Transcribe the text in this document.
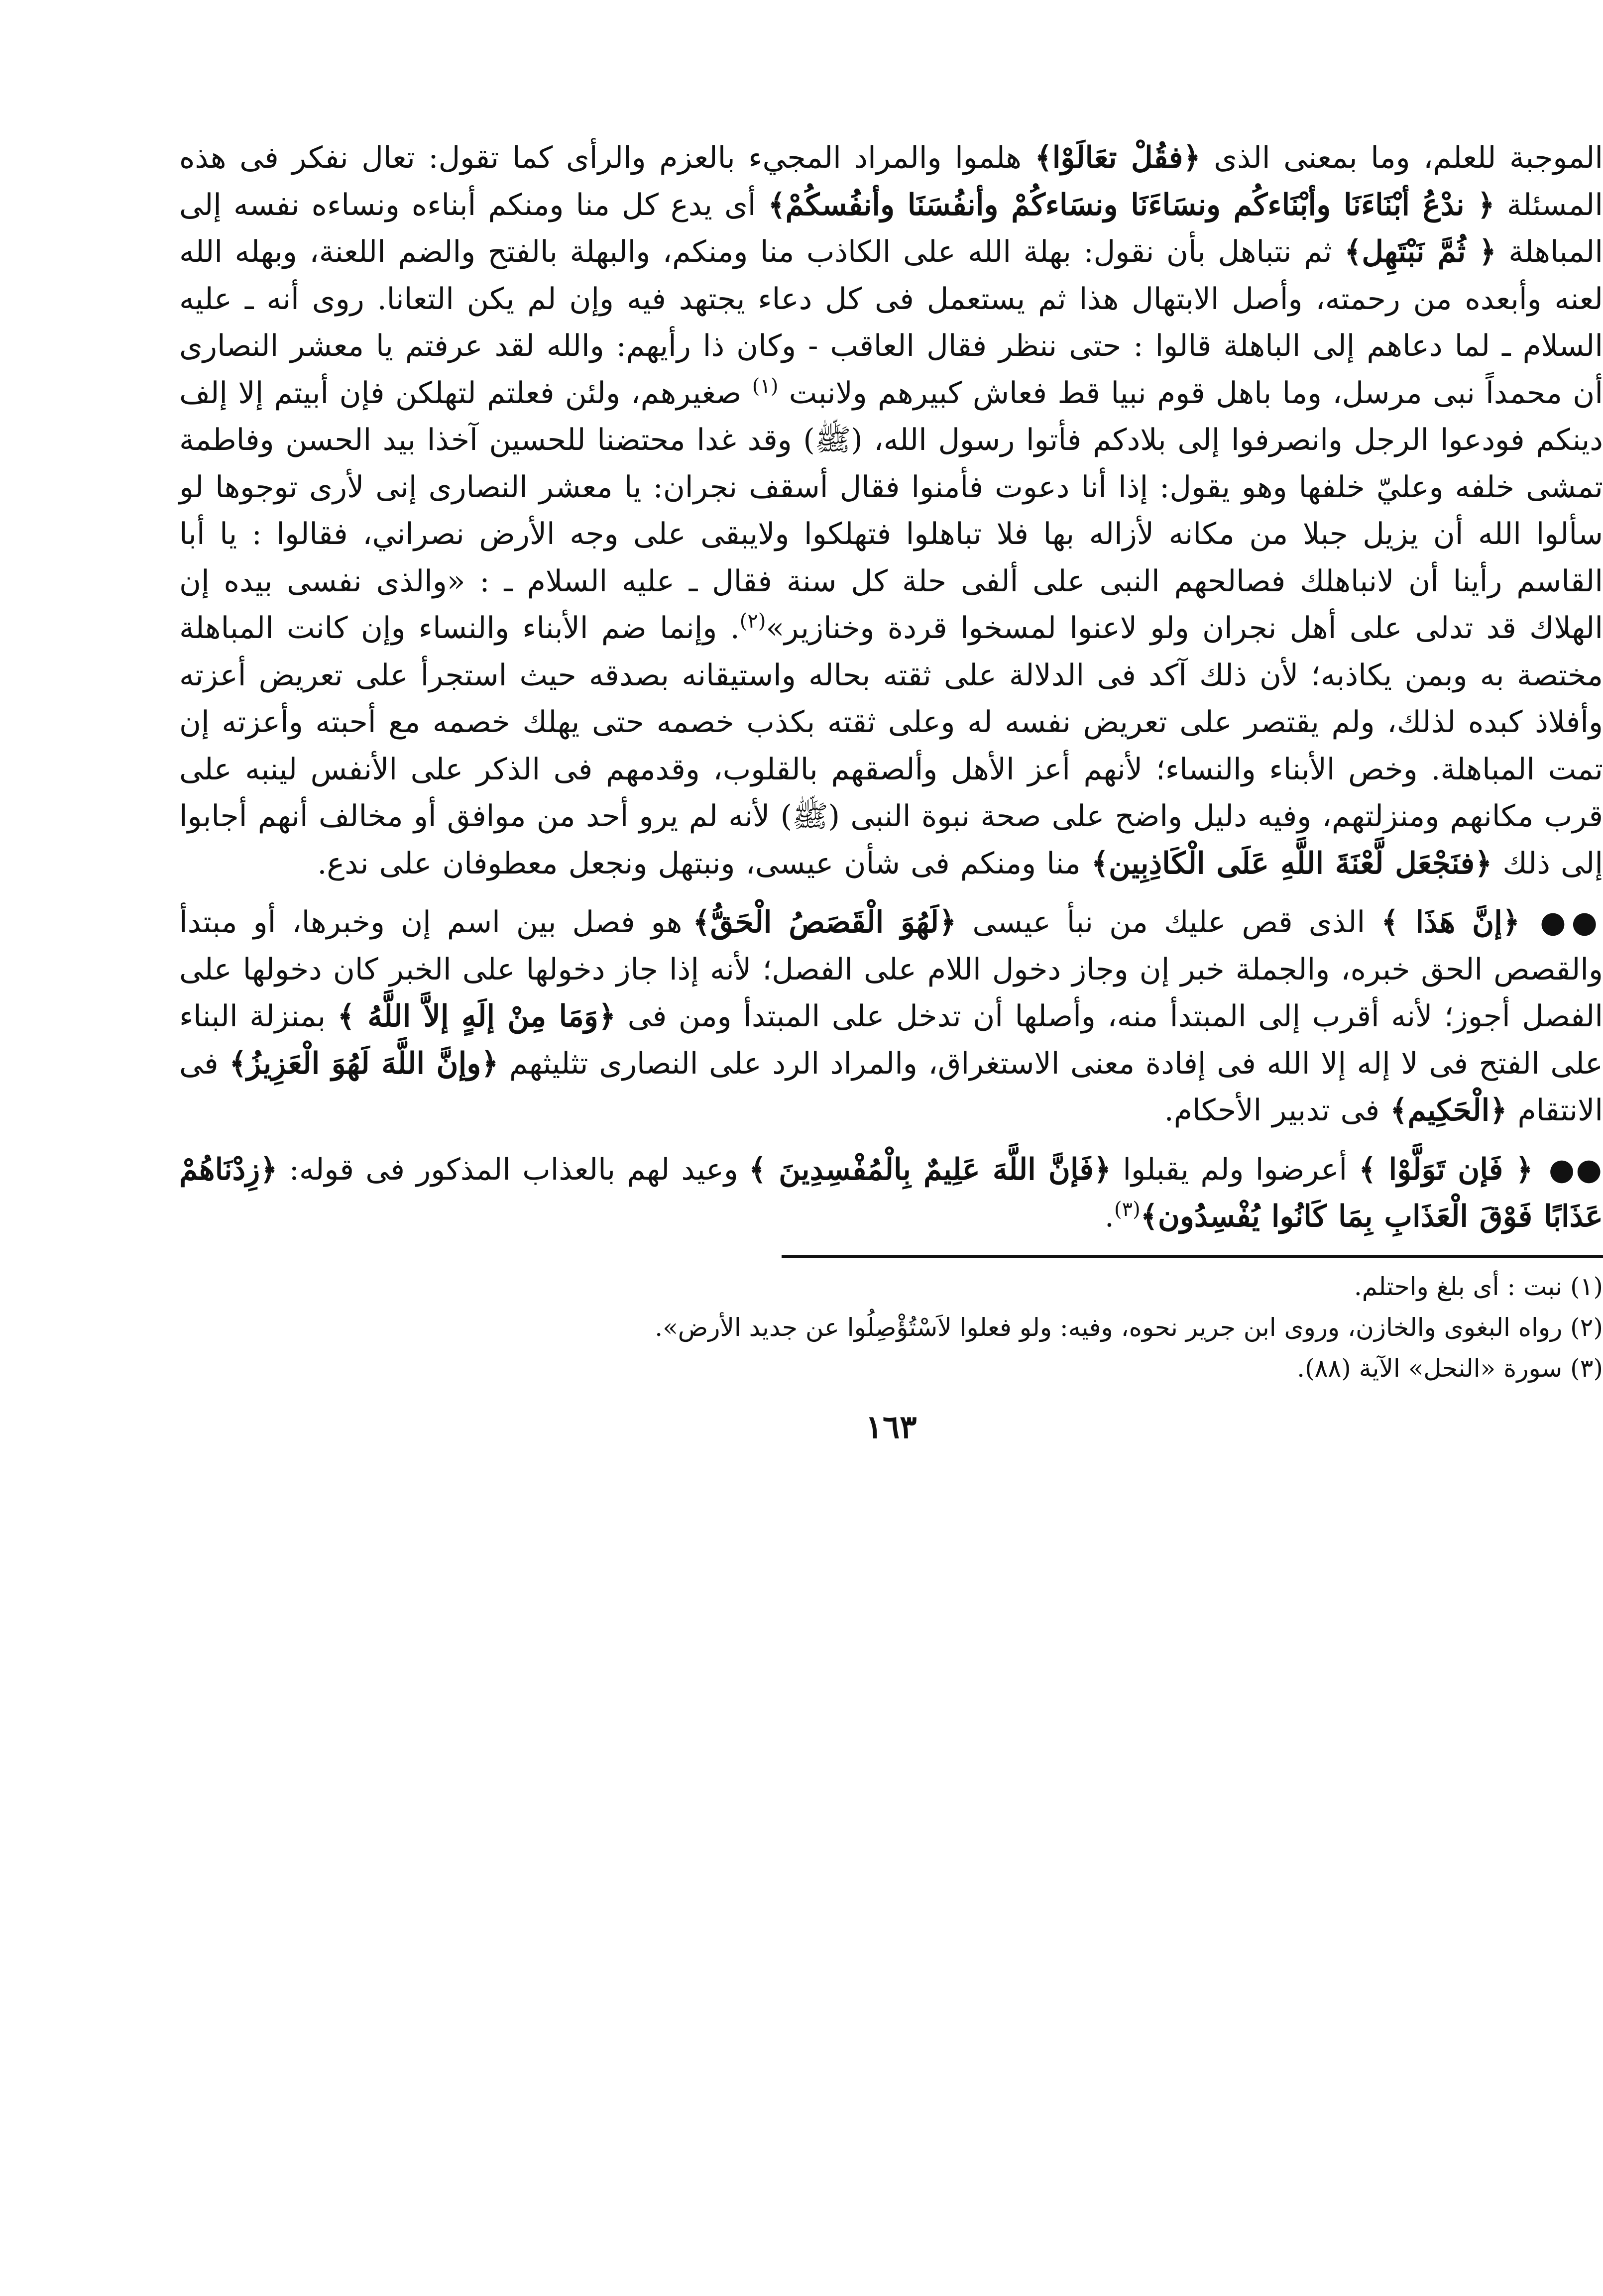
الموجبة للعلم، وما بمعنى الذى ﴿فقُلْ تعَالَوْا﴾ هلموا والمراد المجيء بالعزم والرأى كما تقول: تعال نفكر فى هذه المسئلة ﴿ ندْعُ أبْنَاءَنَا وأبْنَاءكُم ونسَاءَنَا ونسَاءكُمْ وأنفُسَنَا وأنفُسكُمْ﴾ أى يدع كل منا ومنكم أبناءه ونساءه نفسه إلى المباهلة ﴿ ثُمَّ نَبْتَهِل﴾ ثم نتباهل بأن نقول: بهلة الله على الكاذب منا ومنكم، والبهلة بالفتح والضم اللعنة، وبهله الله لعنه وأبعده من رحمته، وأصل الابتهال هذا ثم يستعمل فى كل دعاء يجتهد فيه وإن لم يكن التعانا. روى أنه ـ عليه السلام ـ لما دعاهم إلى الباهلة قالوا : حتى ننظر فقال العاقب - وكان ذا رأيهم: والله لقد عرفتم يا معشر النصارى أن محمداً نبى مرسل، وما باهل قوم نبيا قط فعاش كبيرهم ولانبت $^{(١)}$ صغيرهم، ولئن فعلتم لتهلكن فإن أبيتم إلا إلف دينكم فودعوا الرجل وانصرفوا إلى بلادكم فأتوا رسول الله، (ﷺ) وقد غدا محتضنا للحسين آخذا بيد الحسن وفاطمة تمشى خلفه وعليّ خلفها وهو يقول: إذا أنا دعوت فأمنوا فقال أسقف نجران: يا معشر النصارى إنى لأرى توجوها لو سألوا الله أن يزيل جبلا من مكانه لأزاله بها فلا تباهلوا فتهلكوا ولايبقى على وجه الأرض نصراني، فقالوا : يا أبا القاسم رأينا أن لانباهلك فصالحهم النبى على ألفى حلة كل سنة فقال ـ عليه السلام ـ : «والذى نفسى بيده إن الهلاك قد تدلى على أهل نجران ولو لاعنوا لمسخوا قردة وخنازير»$^{(٢)}$. وإنما ضم الأبناء والنساء وإن كانت المباهلة مختصة به وبمن يكاذبه؛ لأن ذلك آكد فى الدلالة على ثقته بحاله واستيقانه بصدقه حيث استجرأ على تعريض أعزته وأفلاذ كبده لذلك، ولم يقتصر على تعريض نفسه له وعلى ثقته بكذب خصمه حتى يهلك خصمه مع أحبته وأعزته إن تمت المباهلة. وخص الأبناء والنساء؛ لأنهم أعز الأهل وألصقهم بالقلوب، وقدمهم فى الذكر على الأنفس لينبه على قرب مكانهم ومنزلتهم، وفيه دليل واضح على صحة نبوة النبى (ﷺ) لأنه لم يرو أحد من موافق أو مخالف أنهم أجابوا إلى ذلك ﴿فنَجْعَل لَّعْنَةَ اللَّهِ عَلَى الْكَاذِبِين﴾ منا ومنكم فى شأن عيسى، ونبتهل ونجعل معطوفان على ندع.

●● ﴿إنَّ هَذَا ﴾ الذى قص عليك من نبأ عيسى ﴿لَهُوَ الْقَصَصُ الْحَقُّ﴾ هو فصل بين اسم إن وخبرها، أو مبتدأ والقصص الحق خبره، والجملة خبر إن وجاز دخول اللام على الفصل؛ لأنه إذا جاز دخولها على الخبر كان دخولها على الفصل أجوز؛ لأنه أقرب إلى المبتدأ منه، وأصلها أن تدخل على المبتدأ ومن فى ﴿وَمَا مِنْ إلَهٍ إلاَّ اللَّهُ ﴾ بمنزلة البناء على الفتح فى لا إله إلا الله فى إفادة معنى الاستغراق، والمراد الرد على النصارى تثليثهم ﴿وإنَّ اللَّهَ لَهُوَ الْعَزِيزُ﴾ فى الانتقام ﴿الْحَكِيم﴾ فى تدبير الأحكام.

●● ﴿ فَإن تَوَلَّوْا ﴾ أعرضوا ولم يقبلوا ﴿فَإنَّ اللَّهَ عَلِيمٌ بِالْمُفْسِدِينَ ﴾ وعيد لهم بالعذاب المذكور فى قوله: ﴿زِدْنَاهُمْ عَذَابًا فَوْقَ الْعَذَابِ بِمَا كَانُوا يُفْسِدُون﴾$^{(٣)}$.

(١) نبت : أى بلغ واحتلم.

(٢) رواه البغوى والخازن، وروى ابن جرير نحوه، وفيه: ولو فعلوا لاَسْتُؤْصِلُوا عن جديد الأرض».

(٣) سورة «النحل» الآية (٨٨).

١٦٣
